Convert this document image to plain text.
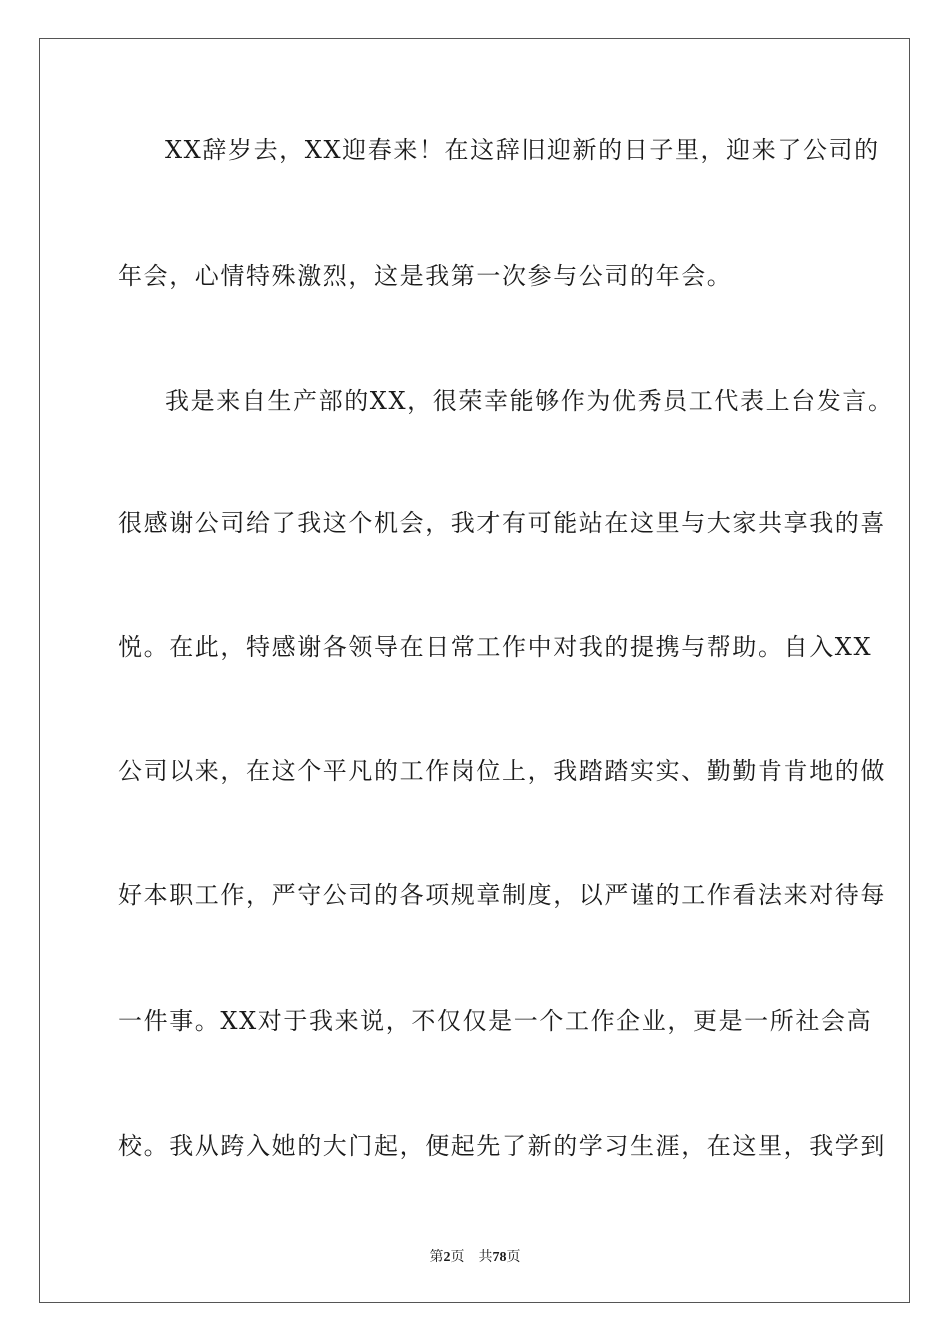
XX辞岁去，XX迎春来！在这辞旧迎新的日子里，迎来了公司的
年会，心情特殊激烈，这是我第一次参与公司的年会。
我是来自生产部的XX，很荣幸能够作为优秀员工代表上台发言。
很感谢公司给了我这个机会，我才有可能站在这里与大家共享我的喜
悦。在此，特感谢各领导在日常工作中对我的提携与帮助。自入XX
公司以来，在这个平凡的工作岗位上，我踏踏实实、勤勤肯肯地的做
好本职工作，严守公司的各项规章制度，以严谨的工作看法来对待每
一件事。XX对于我来说，不仅仅是一个工作企业，更是一所社会高
校。我从跨入她的大门起，便起先了新的学习生涯，在这里，我学到
第2页 共78页
